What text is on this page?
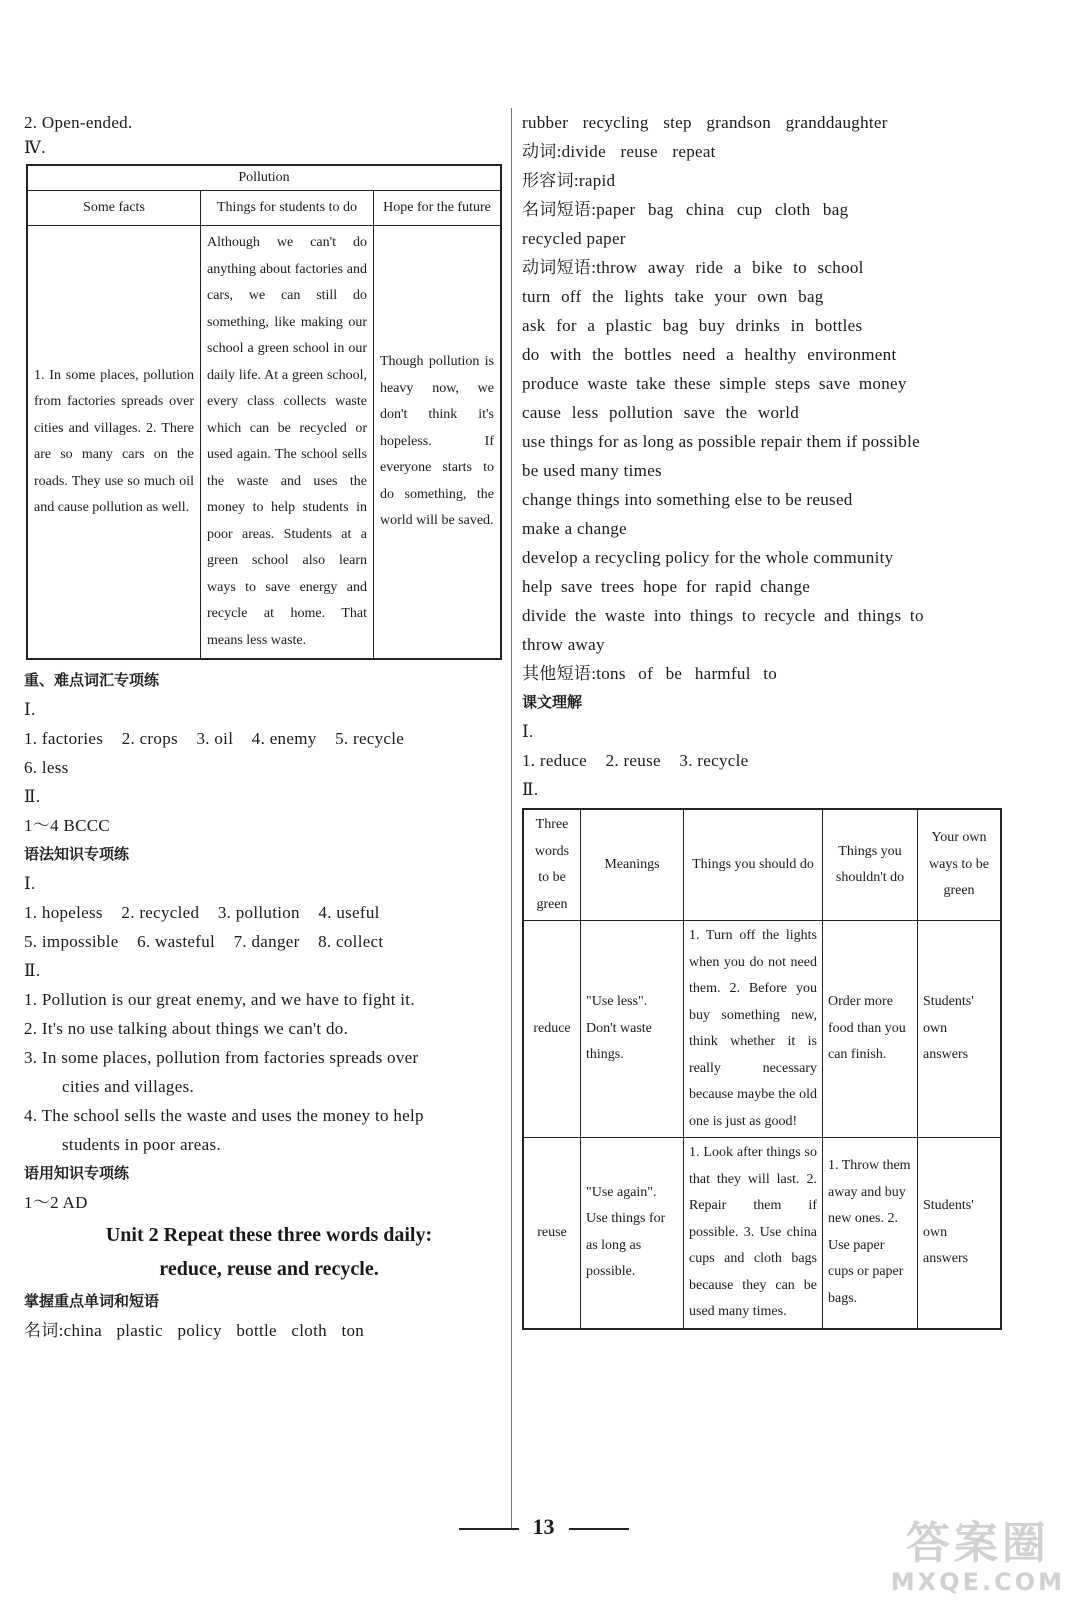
2. Open-ended.
Ⅳ.
Pollution		
Some facts	Things for students to do	Hope for the future
1. In some places, pollution from factories spreads over cities and villages. 2. There are so many cars on the roads. They use so much oil and cause pollution as well.	Although we can't do anything about factories and cars, we can still do something, like making our school a green school in our daily life. At a green school, every class collects waste which can be recycled or used again. The school sells the waste and uses the money to help students in poor areas. Students at a green school also learn ways to save energy and recycle at home. That means less waste.	Though pollution is heavy now, we don't think it's hopeless. If everyone starts to do something, the world will be saved.
重、难点词汇专项练
Ⅰ.
1. factories 2. crops 3. oil 4. enemy 5. recycle
6. less
Ⅱ.
1～4 BCCC
语法知识专项练
Ⅰ.
1. hopeless 2. recycled 3. pollution 4. useful
5. impossible 6. wasteful 7. danger 8. collect
Ⅱ.
1. Pollution is our great enemy, and we have to fight it.
2. It's no use talking about things we can't do.
3. In some places, pollution from factories spreads over
cities and villages.
4. The school sells the waste and uses the money to help
students in poor areas.
语用知识专项练
1～2 AD
Unit 2 Repeat these three words daily:
reduce, reuse and recycle.
掌握重点单词和短语
名词:china plastic policy bottle cloth ton
rubber recycling step grandson granddaughter
动词:divide reuse repeat
形容词:rapid
名词短语:paper bag china cup cloth bag
recycled paper
动词短语:throw away ride a bike to school
turn off the lights take your own bag
ask for a plastic bag buy drinks in bottles
do with the bottles need a healthy environment
produce waste take these simple steps save money
cause less pollution save the world
use things for as long as possible repair them if possible
be used many times
change things into something else to be reused
make a change
develop a recycling policy for the whole community
help save trees hope for rapid change
divide the waste into things to recycle and things to
throw away
其他短语:tons of be harmful to
课文理解
Ⅰ.
1. reduce 2. reuse 3. recycle
Ⅱ.
Three words to be green	Meanings	Things you should do	Things you shouldn't do	Your own ways to be green
reduce	"Use less". Don't waste things.	1. Turn off the lights when you do not need them. 2. Before you buy something new, think whether it is really necessary because maybe the old one is just as good!	Order more food than you can finish.	Students' own answers
reuse	"Use again". Use things for as long as possible.	1. Look after things so that they will last. 2. Repair them if possible. 3. Use china cups and cloth bags because they can be used many times.	1. Throw them away and buy new ones. 2. Use paper cups or paper bags.	Students' own answers
13	答案圈
MXQE.COM
